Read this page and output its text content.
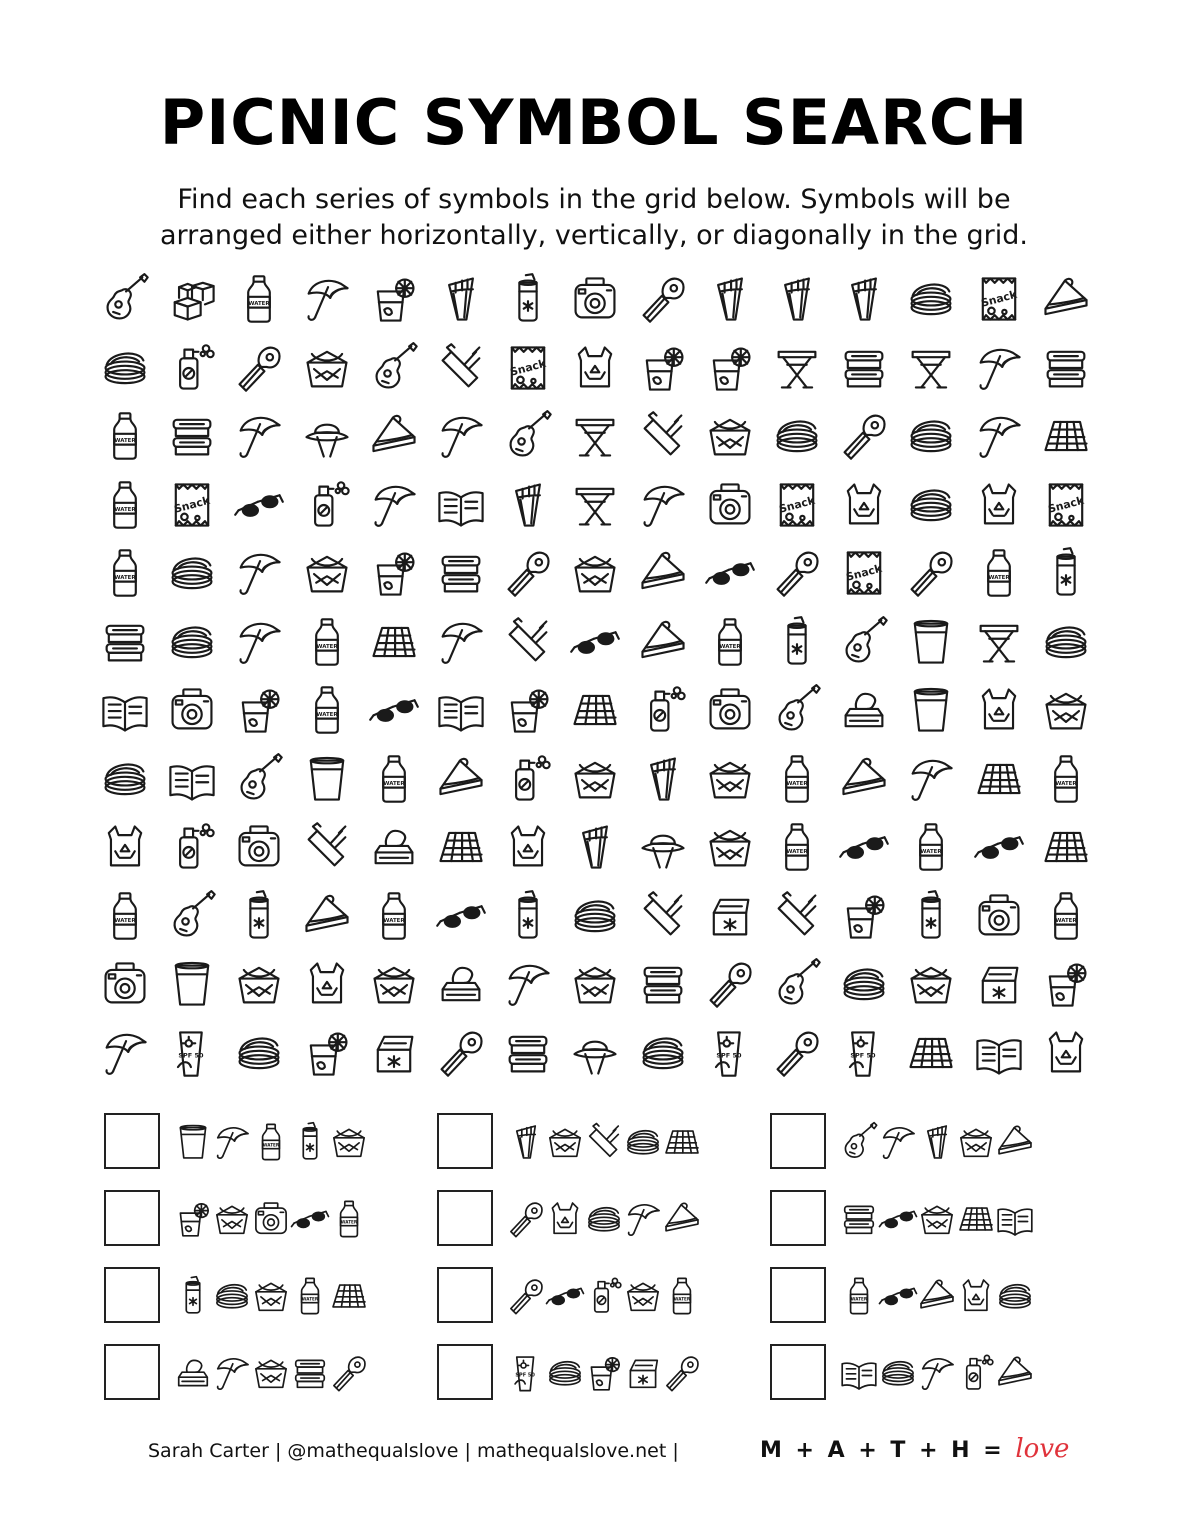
PICNIC SYMBOL SEARCH
Find each series of symbols in the grid below. Symbols will be
arranged either horizontally, vertically, or diagonally in the grid.
WATER	Snack
Snack
WATER
WATER	Snack	Snack	Snack
WATER	Snack	WATER
WATER	WATER
WATER
WATER	WATER	WATER
WATER	WATER
WATER	WATER	WATER
SPF 50	SPF 50	SPF 50
WATER
WATER
WATER	WATER	WATER
SPF 50
Sarah Carter | @mathequalslove | mathequalslove.net |	M + A + T + H = love
